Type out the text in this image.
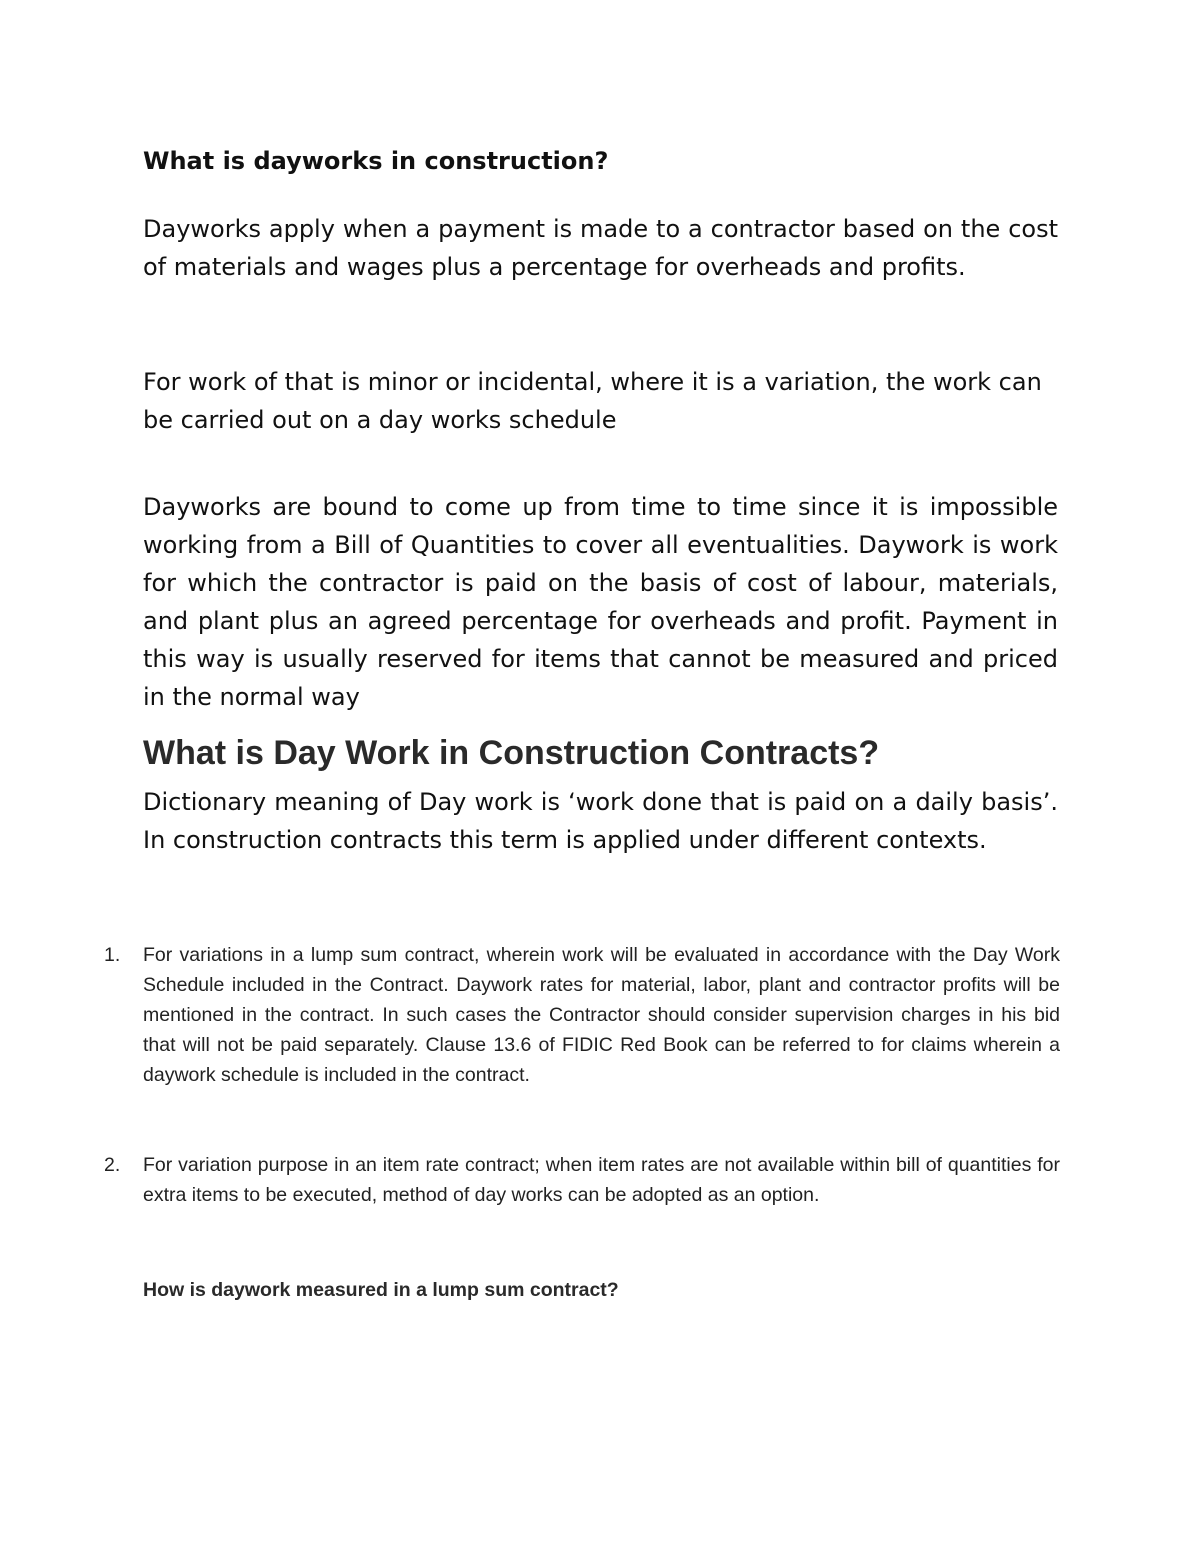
What is dayworks in construction?

Dayworks apply when a payment is made to a contractor based on the cost of materials and wages plus a percentage for overheads and profits.

For work of that is minor or incidental, where it is a variation, the work can be carried out on a day works schedule

Dayworks are bound to come up from time to time since it is impossible working from a Bill of Quantities to cover all eventualities. Daywork is work for which the contractor is paid on the basis of cost of labour, materials, and plant plus an agreed percentage for overheads and profit. Payment in this way is usually reserved for items that cannot be measured and priced in the normal way

What is Day Work in Construction Contracts?

Dictionary meaning of Day work is ‘work done that is paid on a daily basis’. In construction contracts this term is applied under different contexts.

1. For variations in a lump sum contract, wherein work will be evaluated in accordance with the Day Work Schedule included in the Contract. Daywork rates for material, labor, plant and contractor profits will be mentioned in the contract. In such cases the Contractor should consider supervision charges in his bid that will not be paid separately. Clause 13.6 of FIDIC Red Book can be referred to for claims wherein a daywork schedule is included in the contract.
2. For variation purpose in an item rate contract; when item rates are not available within bill of quantities for extra items to be executed, method of day works can be adopted as an option.
How is daywork measured in a lump sum contract?
